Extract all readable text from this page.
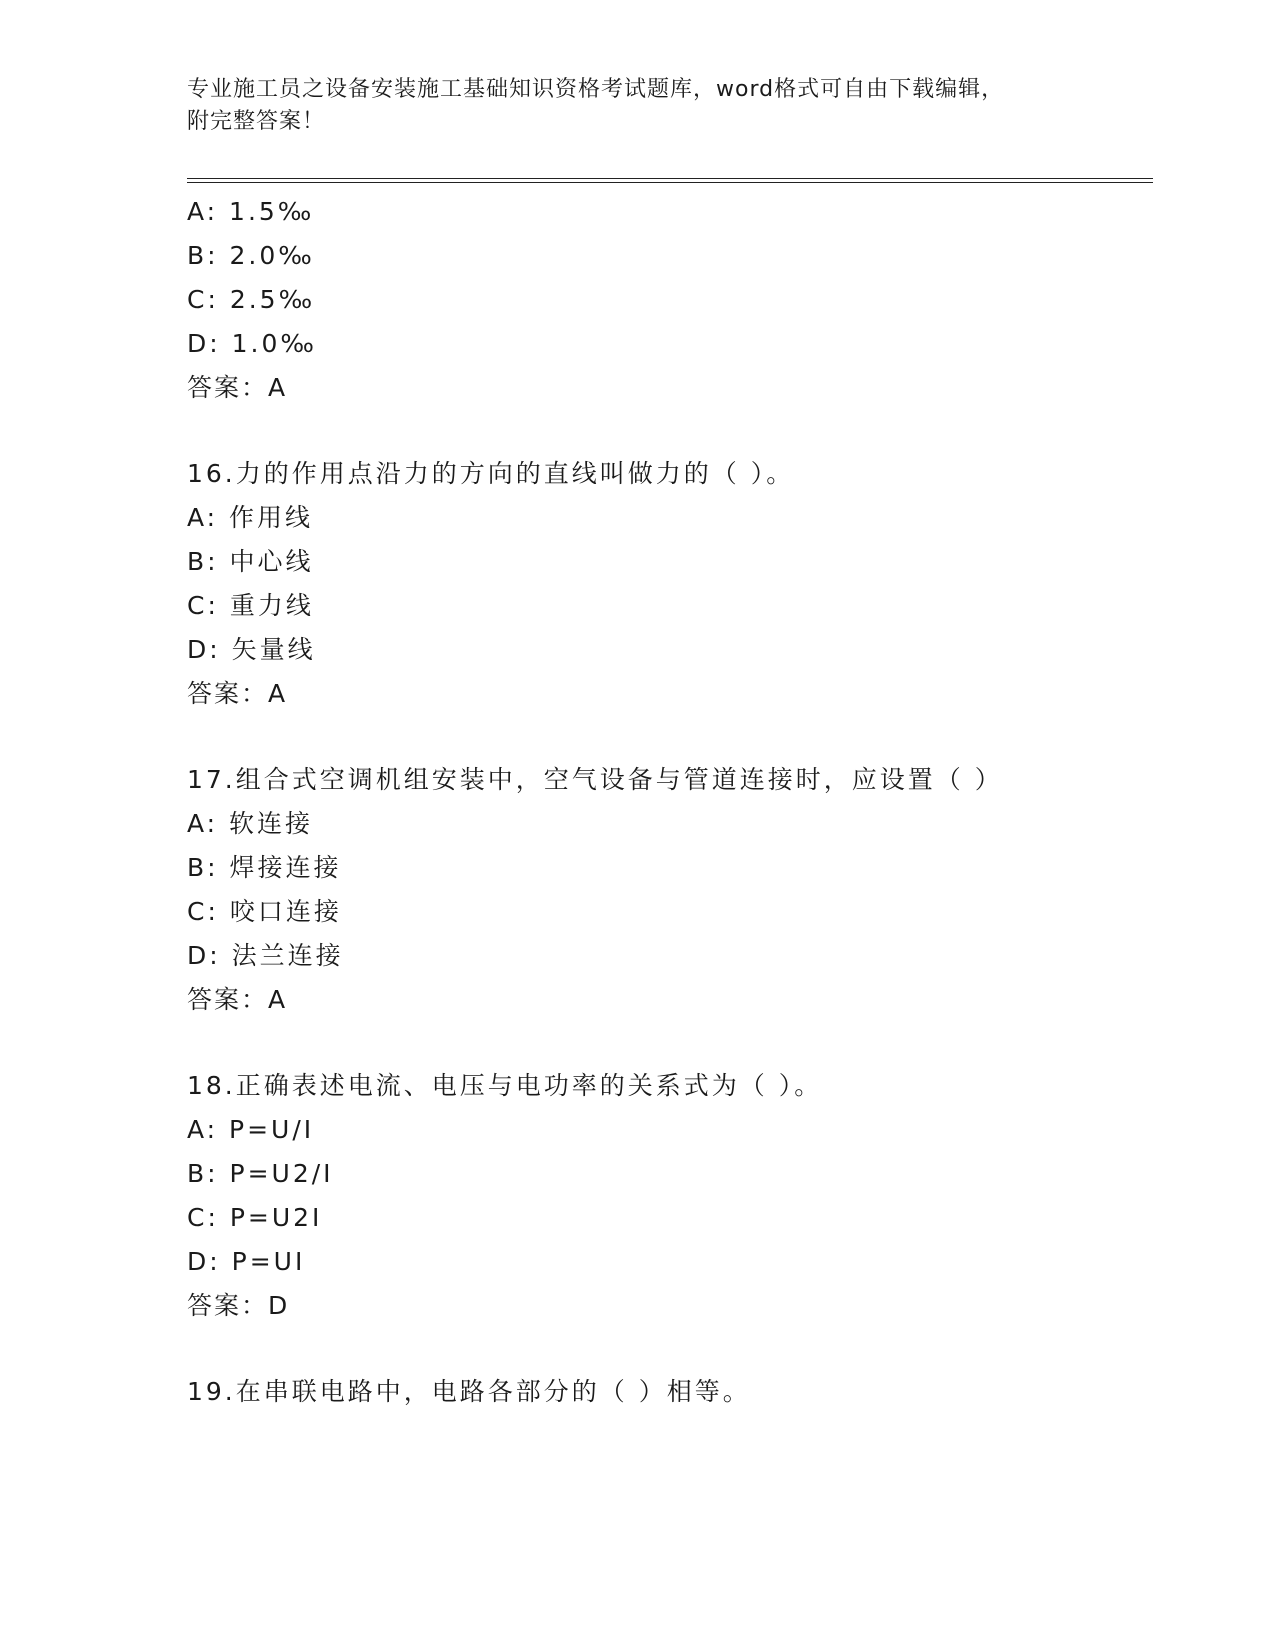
专业施工员之设备安装施工基础知识资格考试题库，word格式可自由下载编辑，
附完整答案！
A: 1.5‰
B: 2.0‰
C: 2.5‰
D: 1.0‰
答案：A
16.力的作用点沿力的方向的直线叫做力的（ ）。
A: 作用线
B: 中心线
C: 重力线
D: 矢量线
答案：A
17.组合式空调机组安装中，空气设备与管道连接时，应设置（ ）
A: 软连接
B: 焊接连接
C: 咬口连接
D: 法兰连接
答案：A
18.正确表述电流、电压与电功率的关系式为（ ）。
A: P=U/I
B: P=U2/I
C: P=U2I
D: P=UI
答案：D
19.在串联电路中，电路各部分的（ ）相等。
